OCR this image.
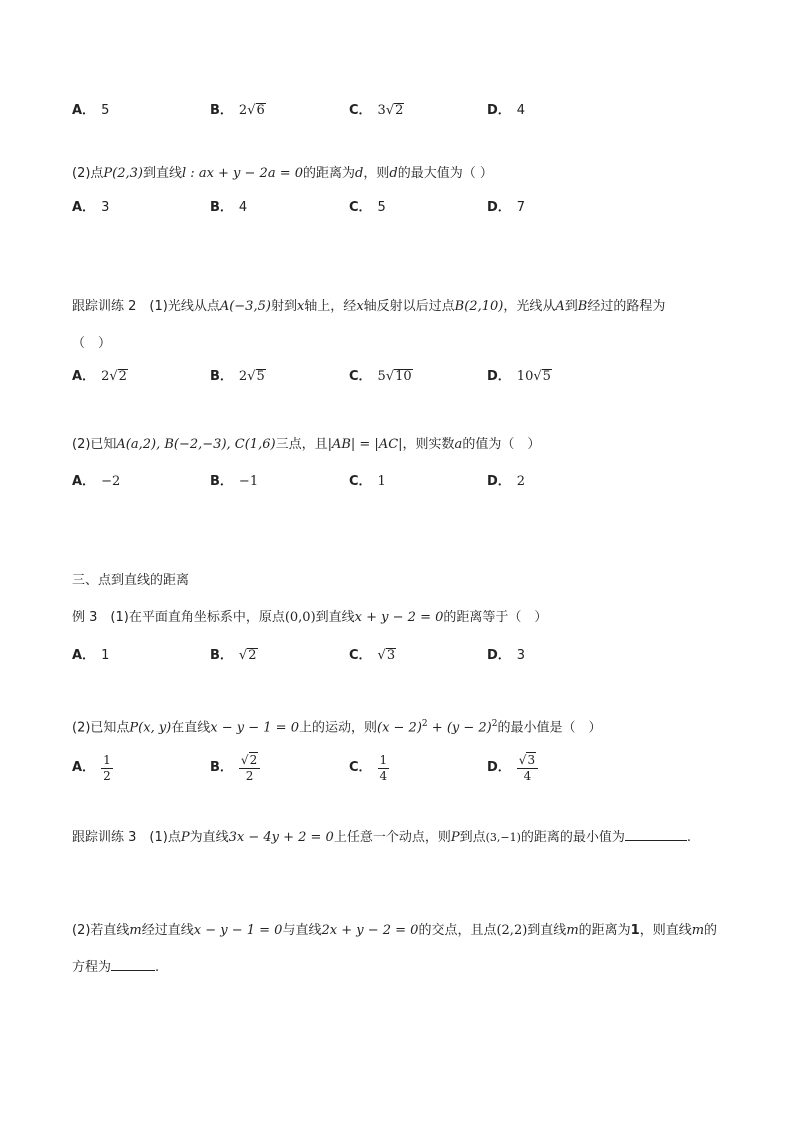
A． 5	B． 2√6	C． 3√2	D． 4
(2)点P(2,3)到直线l : ax + y − 2a = 0的距离为d，则d的最大值为（ ）
A． 3	B． 4	C． 5	D． 7
跟踪训练 2　(1)光线从点A(−3,5)射到x轴上，经x轴反射以后过点B(2,10)，光线从A到B经过的路程为
（　）
A． 2√2	B． 2√5	C． 5√10	D． 10√5
(2)已知A(a,2), B(−2,−3), C(1,6)三点，且|AB| = |AC|，则实数a的值为（　）
A． −2	B． −1	C． 1	D． 2
三、点到直线的距离
例 3　(1)在平面直角坐标系中，原点(0,0)到直线x + y − 2 = 0的距离等于（　）
A． 1	B． √2	C． √3	D． 3
(2)已知点P(x, y)在直线x − y − 1 = 0上的运动，则$(x - 2)^2 + (y - 2)^2$的最小值是（　）
A． $\frac{1}{2}$	B． $\frac{√2}{2}$	C． $\frac{1}{4}$	D． $\frac{√3}{4}$
跟踪训练 3　(1)点P为直线3x − 4y + 2 = 0上任意一个动点，则P到点(3,−1)的距离的最小值为	.
(2)若直线m经过直线x − y − 1 = 0与直线2x + y − 2 = 0的交点，且点(2,2)到直线m的距离为1，则直线m的
方程为	.
